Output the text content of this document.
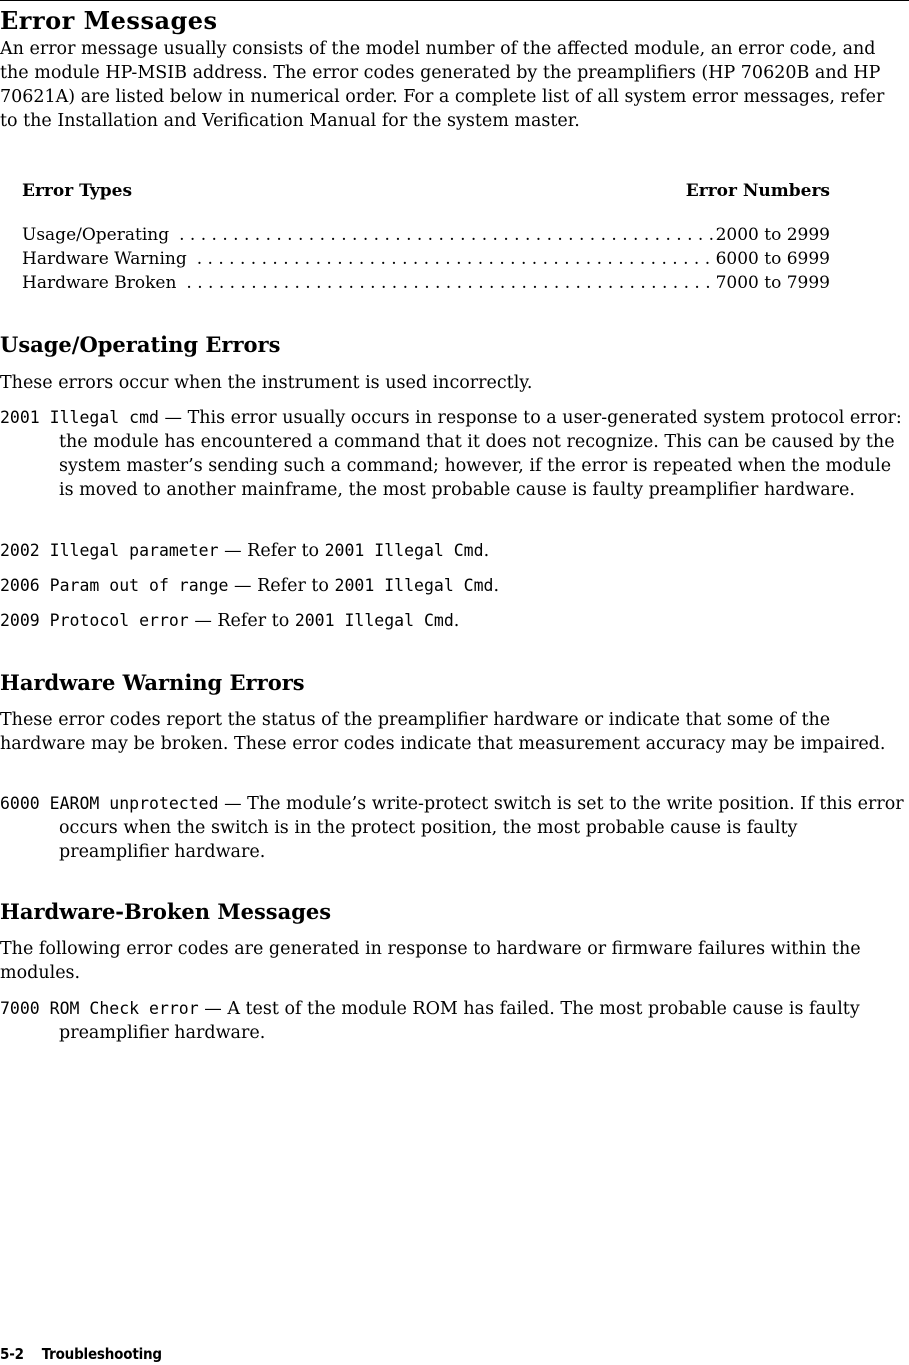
Error Messages

An error message usually consists of the model number of the affected module, an error code, and the module HP-MSIB address. The error codes generated by the preamplifiers (HP 70620B and HP 70621A) are listed below in numerical order. For a complete list of all system error messages, refer to the Installation and Verification Manual for the system master.

Error Types	Error Numbers
Usage/Operating . . .	2000 to 2999
Hardware Warning . . .	6000 to 6999
Hardware Broken . . .	7000 to 7999
Usage/Operating Errors

These errors occur when the instrument is used incorrectly.

2001 Illegal cmd — This error usually occurs in response to a user-generated system protocol error: the module has encountered a command that it does not recognize. This can be caused by the system master’s sending such a command; however, if the error is repeated when the module is moved to another mainframe, the most probable cause is faulty preamplifier hardware.

2002 Illegal parameter — Refer to 2001 Illegal Cmd.

2006 Param out of range — Refer to 2001 Illegal Cmd.

2009 Protocol error — Refer to 2001 Illegal Cmd.

Hardware Warning Errors

These error codes report the status of the preamplifier hardware or indicate that some of the hardware may be broken. These error codes indicate that measurement accuracy may be impaired.

6000 EAROM unprotected — The module’s write-protect switch is set to the write position. If this error occurs when the switch is in the protect position, the most probable cause is faulty preamplifier hardware.

Hardware-Broken Messages

The following error codes are generated in response to hardware or firmware failures within the modules.

7000 ROM Check error — A test of the module ROM has failed. The most probable cause is faulty preamplifier hardware.

5-2 Troubleshooting
